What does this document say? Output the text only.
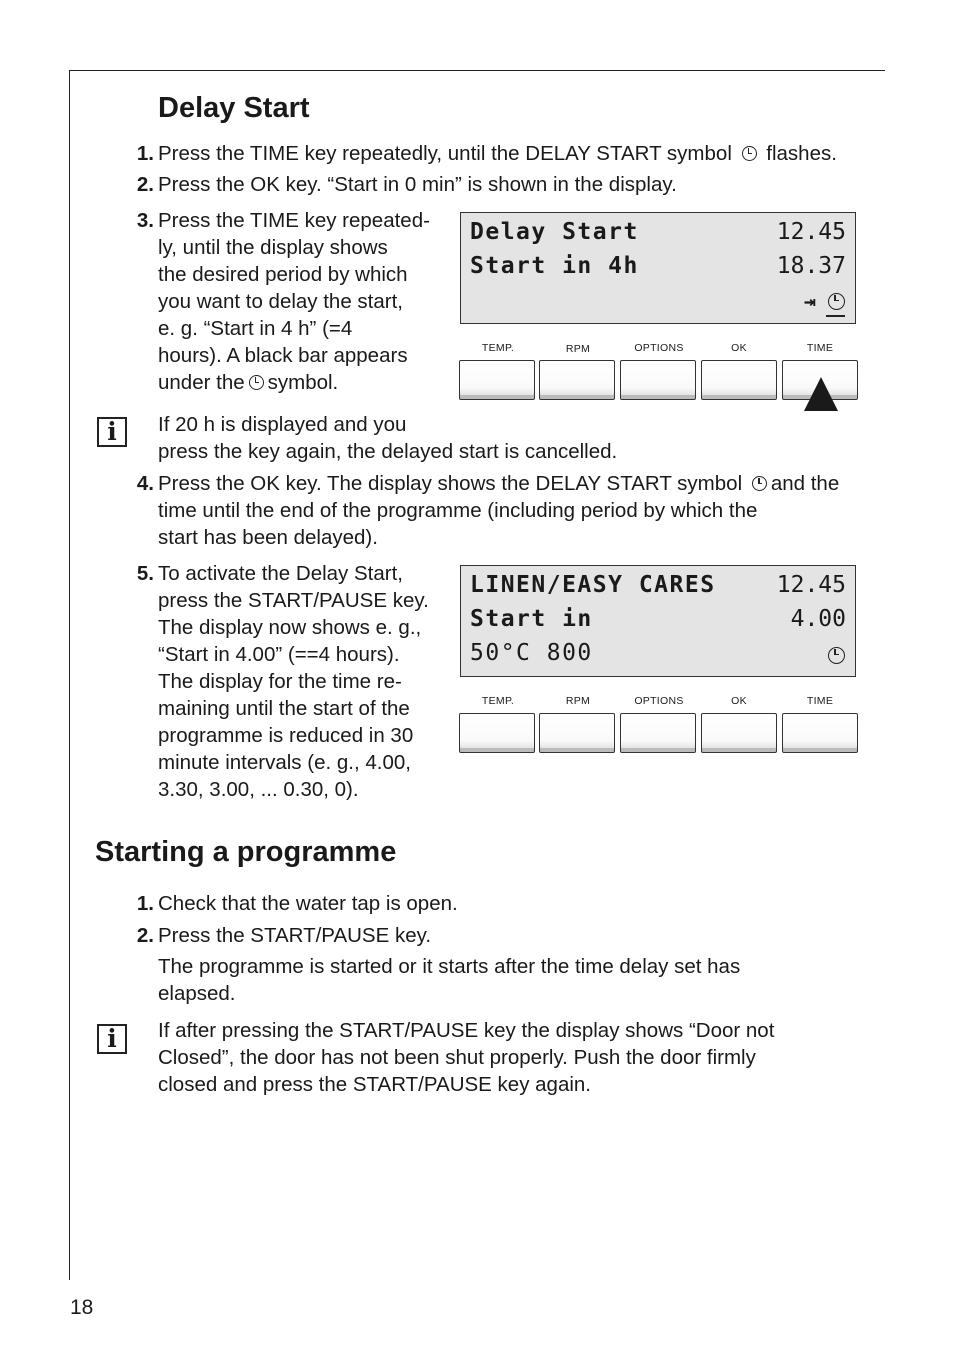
Delay Start
1. Press the TIME key repeatedly, until the DELAY START symbol flashes.
2. Press the OK key. “Start in 0 min” is shown in the display.
3. Press the TIME key repeated-
ly, until the display shows
the desired period by which
you want to delay the start,
e. g. “Start in 4 h” (=4
hours). A black bar appears
under the symbol.
Delay Start	12.45
Start in 4h	18.37
⇥
TEMP.	RPM	OPTIONS	OK	TIME
i	If 20 h is displayed and you
press the key again, the delayed start is cancelled.
4. Press the OK key. The display shows the DELAY START symbol and the
time until the end of the programme (including period by which the
start has been delayed).
5. To activate the Delay Start,
press the START/PAUSE key.
The display now shows e. g.,
“Start in 4.00” (==4 hours).
The display for the time re-
maining until the start of the
programme is reduced in 30
minute intervals (e. g., 4.00,
3.30, 3.00, ... 0.30, 0).
LINEN/EASY CARES	12.45
Start in	4.00
50°C 800
TEMP.	RPM	OPTIONS	OK	TIME
Starting a programme
1. Check that the water tap is open.
2. Press the START/PAUSE key.
The programme is started or it starts after the time delay set has
elapsed.
i	If after pressing the START/PAUSE key the display shows “Door not
Closed”, the door has not been shut properly. Push the door firmly
closed and press the START/PAUSE key again.
18
